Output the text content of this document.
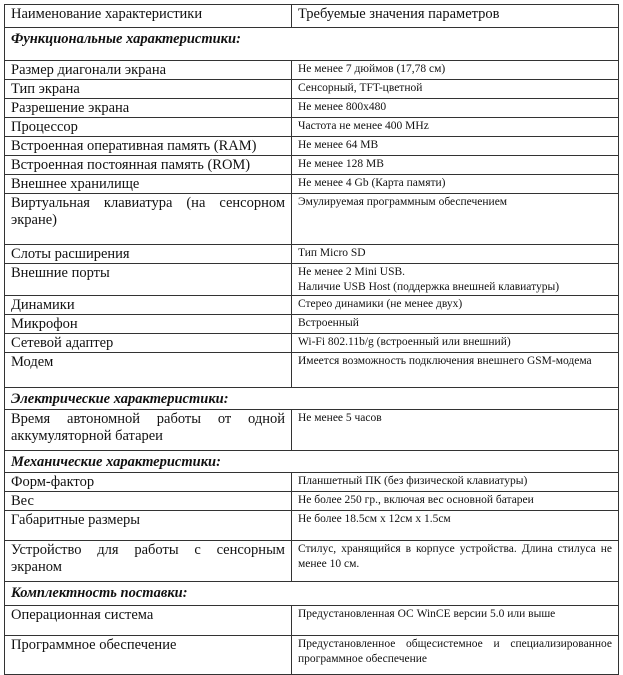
Наименование характеристики	Требуемые значения параметров
Функциональные характеристики:	
Размер диагонали экрана	Не менее 7 дюймов (17,78 см)

Тип экрана	Сенсорный, TFT-цветной

Разрешение экрана	Не менее 800x480

Процессор	Частота не менее 400 MHz

Встроенная оперативная память (RAM)	Не менее 64 MB

Встроенная постоянная память (ROM)	Не менее 128 MB

Внешнее хранилище	Не менее 4 Gb (Карта памяти)

Виртуальная клавиатура (на сенсорном экране)	Эмулируемая программным обеспечением

Слоты расширения	Тип Micro SD

Внешние порты	Не менее 2 Mini USB.
Наличие USB Host (поддержка внешней клавиатуры)

Динамики	Стерео динамики (не менее двух)

Микрофон	Встроенный

Сетевой адаптер	Wi-Fi 802.11b/g (встроенный или внешний)

Модем	Имеется возможность подключения внешнего GSM-модема

Электрические характеристики:	
Время автономной работы от одной аккумуляторной батареи	Не менее 5 часов

Механические характеристики:	
Форм-фактор	Планшетный ПК (без физической клавиатуры)

Вес	Не более 250 гр., включая вес основной батареи

Габаритные размеры	Не более 18.5см x 12см x 1.5см

Устройство для работы с сенсорным экраном	Стилус, хранящийся в корпусе устройства. Длина стилуса не менее 10 см.

Комплектность поставки:	
Операционная система	Предустановленная ОС WinCE версии 5.0 или выше

Программное обеспечение	Предустановленное общесистемное и специализированное программное обеспечение
